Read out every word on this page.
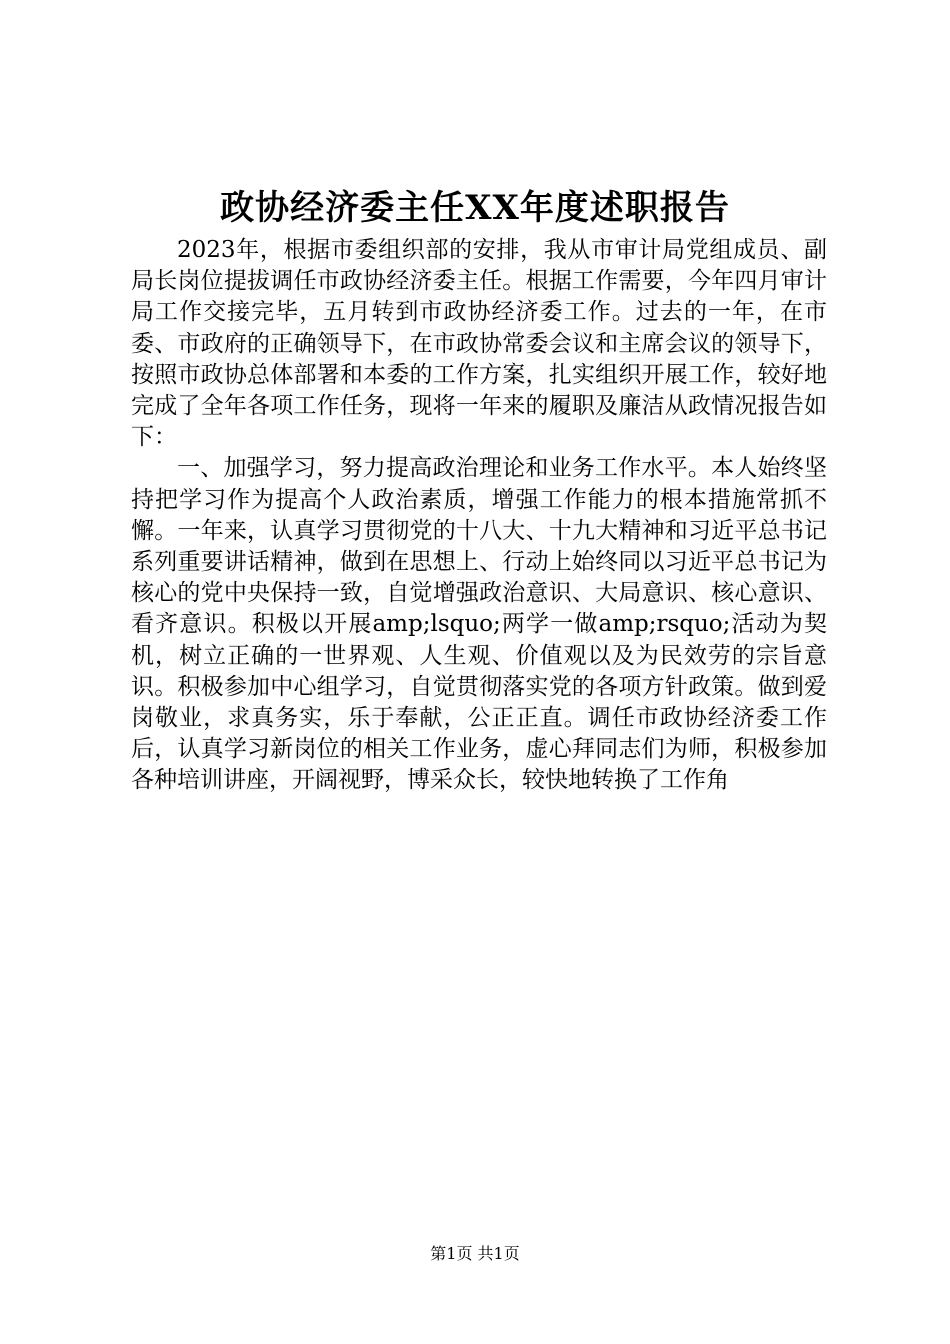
政协经济委主任XX年度述职报告

2023年，根据市委组织部的安排，我从市审计局党组成员、副局长岗位提拔调任市政协经济委主任。根据工作需要，今年四月审计局工作交接完毕，五月转到市政协经济委工作。过去的一年，在市委、市政府的正确领导下，在市政协常委会议和主席会议的领导下，按照市政协总体部署和本委的工作方案，扎实组织开展工作，较好地完成了全年各项工作任务，现将一年来的履职及廉洁从政情况报告如下：

一、加强学习，努力提高政治理论和业务工作水平。本人始终坚持把学习作为提高个人政治素质，增强工作能力的根本措施常抓不懈。一年来，认真学习贯彻党的十八大、十九大精神和习近平总书记系列重要讲话精神，做到在思想上、行动上始终同以习近平总书记为核心的党中央保持一致，自觉增强政治意识、大局意识、核心意识、看齐意识。积极以开展amp;lsquo;两学一做amp;rsquo;活动为契机，树立正确的一世界观、人生观、价值观以及为民效劳的宗旨意识。积极参加中心组学习，自觉贯彻落实党的各项方针政策。做到爱岗敬业，求真务实，乐于奉献，公正正直。调任市政协经济委工作后，认真学习新岗位的相关工作业务，虚心拜同志们为师，积极参加各种培训讲座，开阔视野，博采众长，较快地转换了工作角

第1页 共1页
